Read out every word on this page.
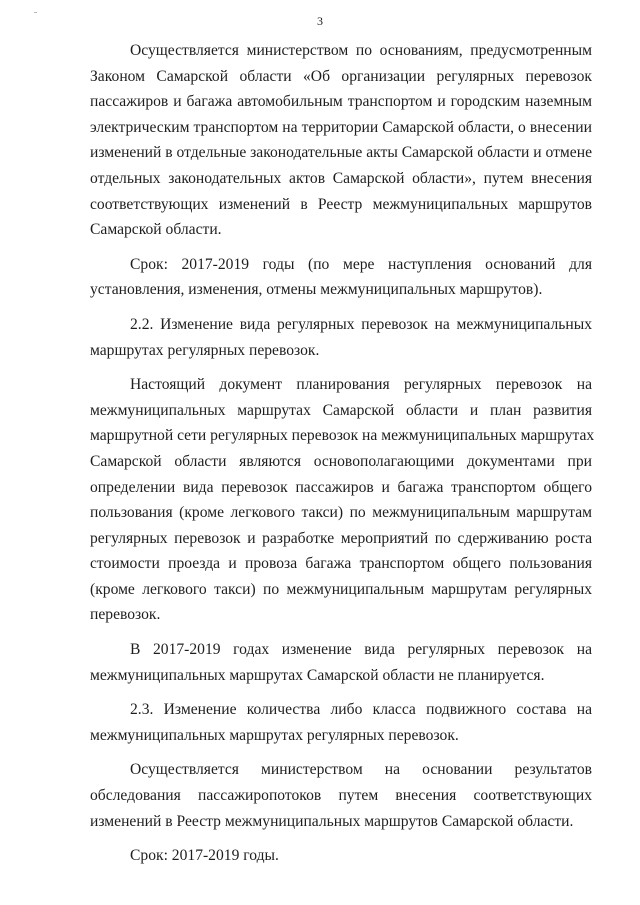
3
Осуществляется министерством по основаниям, предусмотренным
Законом Самарской области «Об организации регулярных перевозок
пассажиров и багажа автомобильным транспортом и городским наземным
электрическим транспортом на территории Самарской области, о внесении
изменений в отдельные законодательные акты Самарской области и отмене
отдельных законодательных актов Самарской области», путем внесения
соответствующих изменений в Реестр межмуниципальных маршрутов
Самарской области.
Срок: 2017-2019 годы (по мере наступления оснований для
установления, изменения, отмены межмуниципальных маршрутов).
2.2. Изменение вида регулярных перевозок на межмуниципальных
маршрутах регулярных перевозок.
Настоящий документ планирования регулярных перевозок на
межмуниципальных маршрутах Самарской области и план развития
маршрутной сети регулярных перевозок на межмуниципальных маршрутах
Самарской области являются основополагающими документами при
определении вида перевозок пассажиров и багажа транспортом общего
пользования (кроме легкового такси) по межмуниципальным маршрутам
регулярных перевозок и разработке мероприятий по сдерживанию роста
стоимости проезда и провоза багажа транспортом общего пользования
(кроме легкового такси) по межмуниципальным маршрутам регулярных
перевозок.
В 2017-2019 годах изменение вида регулярных перевозок на
межмуниципальных маршрутах Самарской области не планируется.
2.3. Изменение количества либо класса подвижного состава на
межмуниципальных маршрутах регулярных перевозок.
Осуществляется министерством на основании результатов
обследования пассажиропотоков путем внесения соответствующих
изменений в Реестр межмуниципальных маршрутов Самарской области.
Срок: 2017-2019 годы.
